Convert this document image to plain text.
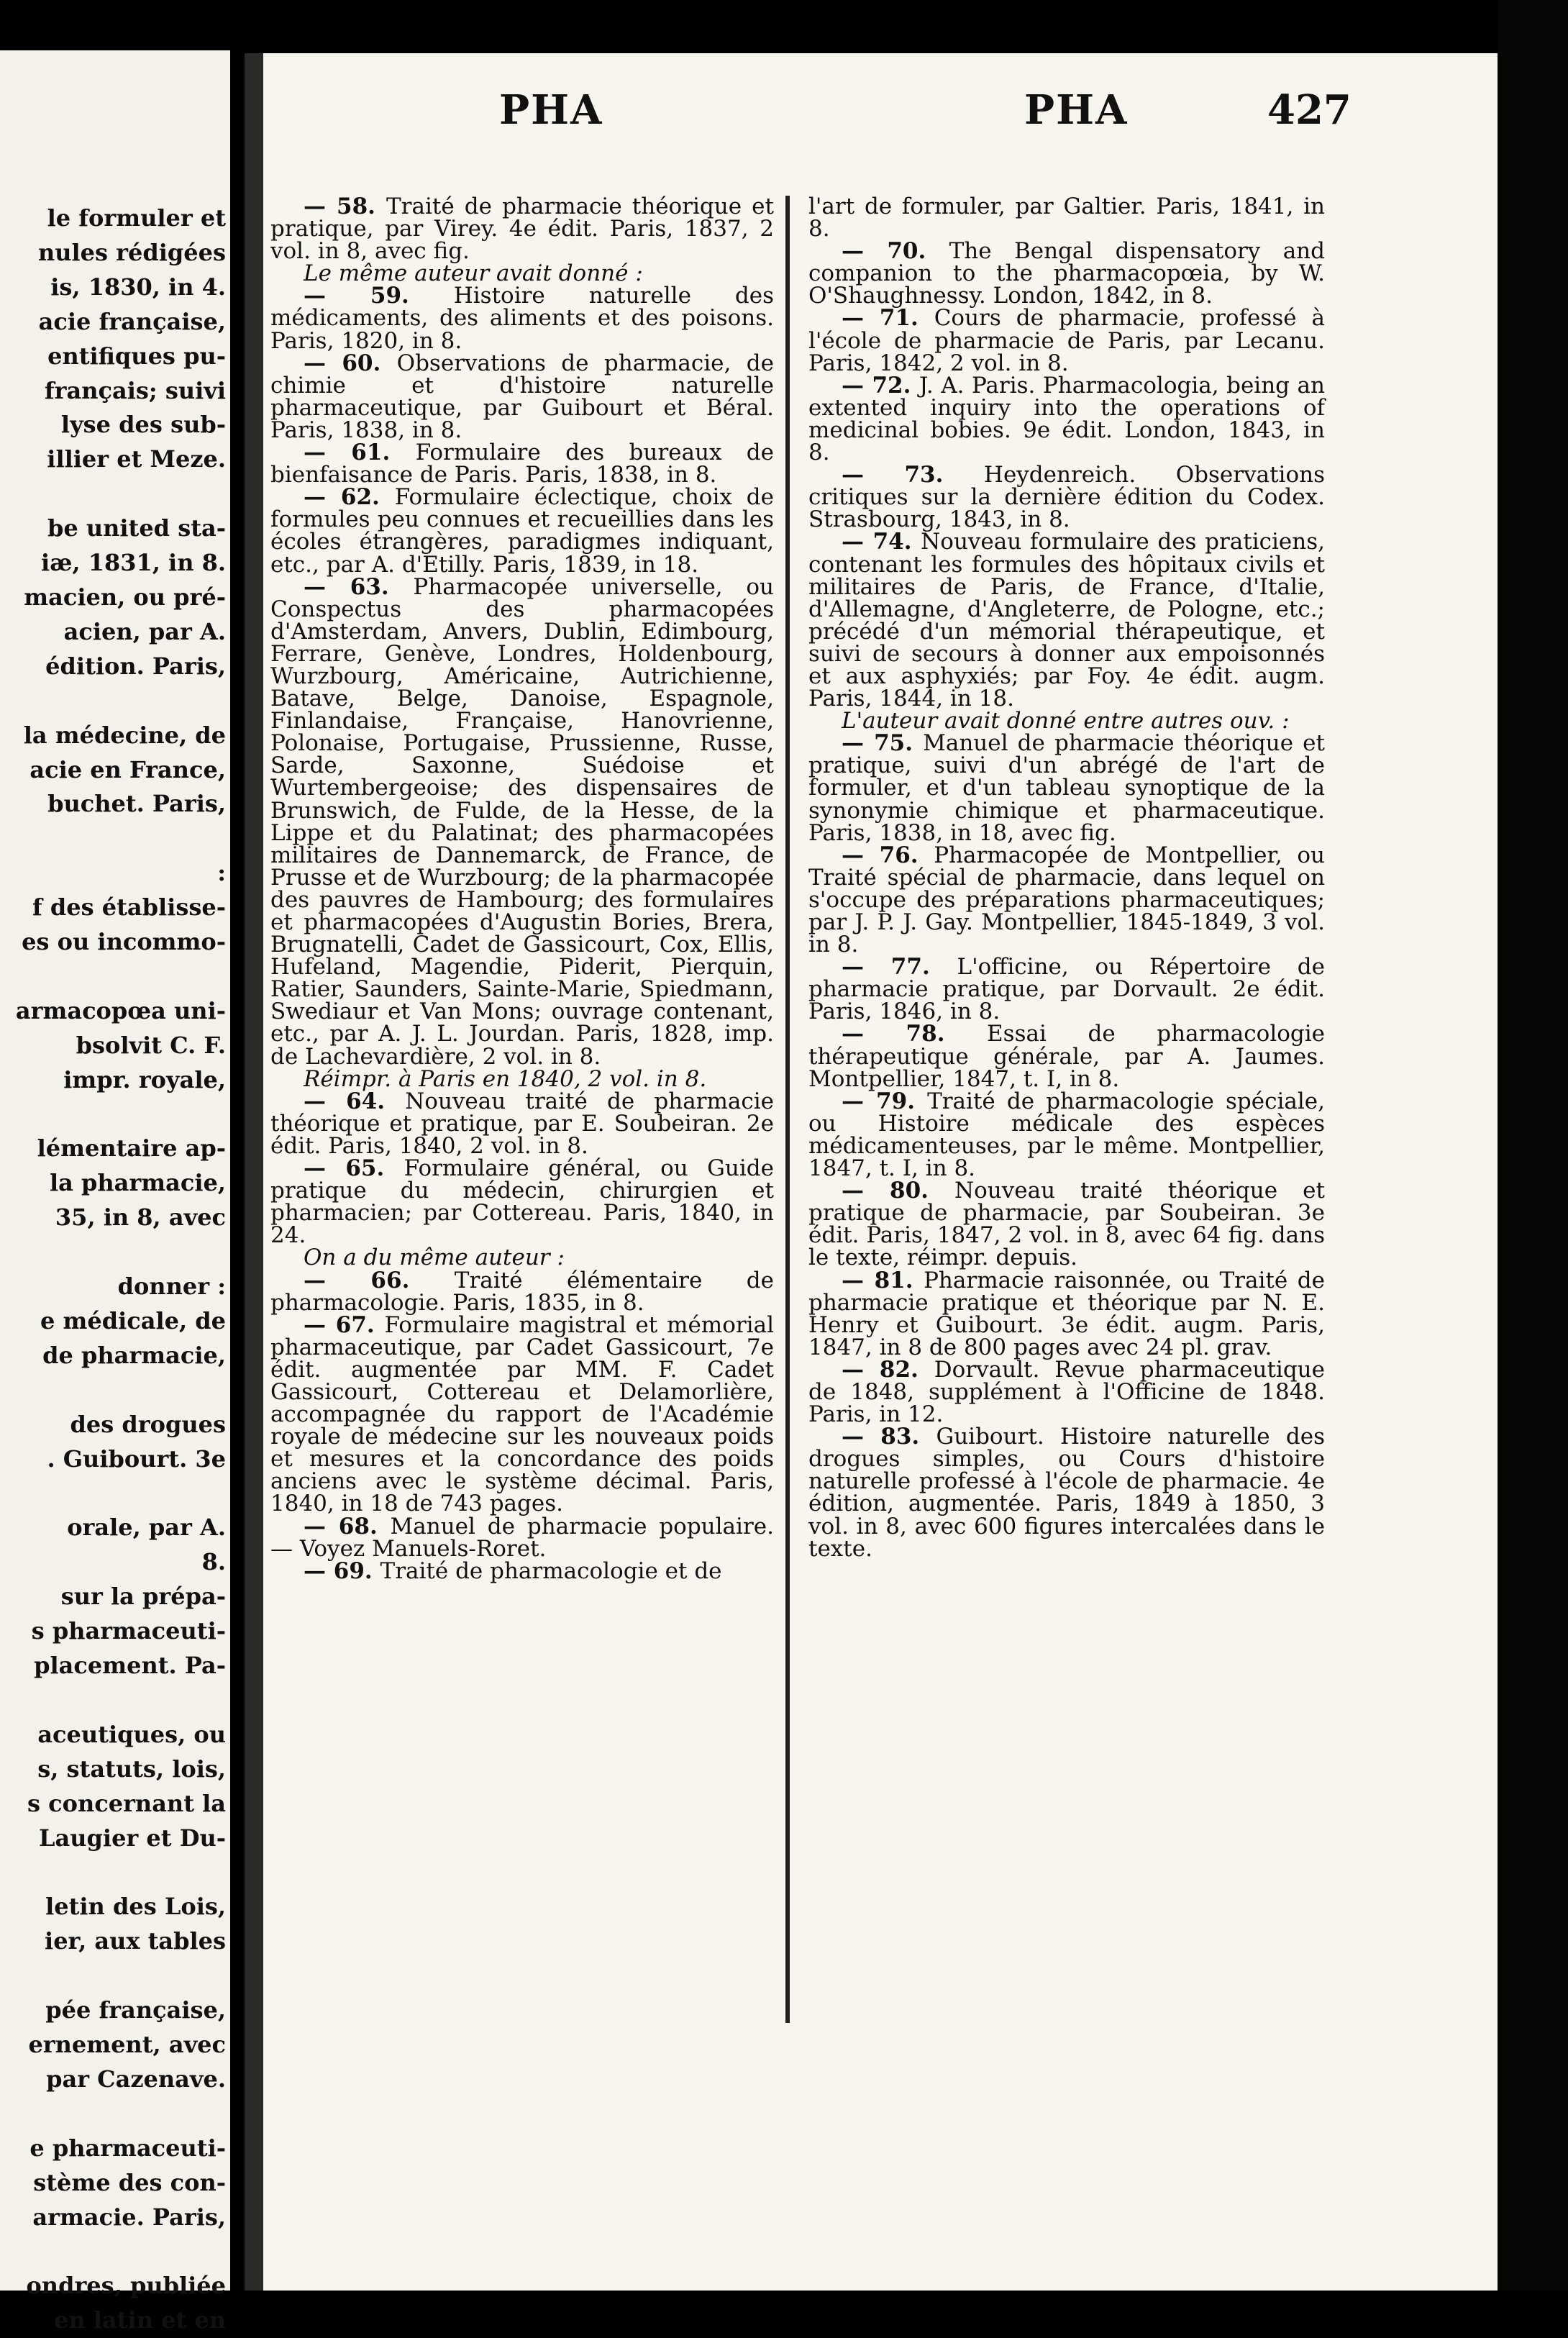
le formuler et
nules rédigées
is, 1830, in 4.
acie française,
entifiques pu-
français; suivi
lyse des sub-
illier et Meze.

be united sta-
iæ, 1831, in 8.
macien, ou pré-
acien, par A.
édition. Paris,

la médecine, de
acie en France,
buchet. Paris,

:
f des établisse-
es ou incommo-

armacopœa uni-
bsolvit C. F.
impr. royale,

lémentaire ap-
la pharmacie,
35, in 8, avec

donner :
e médicale, de
de pharmacie,

des drogues
. Guibourt. 3e

orale, par A.
8.
sur la prépa-
s pharmaceuti-
placement. Pa-

aceutiques, ou
s, statuts, lois,
s concernant la
Laugier et Du-

letin des Lois,
ier, aux tables

pée française,
ernement, avec
par Cazenave.

e pharmaceuti-
stème des con-
armacie. Paris,

ondres, publiée
en latin et en
PHA	PHA	427

— 58. Traité de pharmacie théorique et pratique, par Virey. 4e édit. Paris, 1837, 2 vol. in 8, avec fig.

Le même auteur avait donné :

— 59. Histoire naturelle des médicaments, des aliments et des poisons. Paris, 1820, in 8.

— 60. Observations de pharmacie, de chimie et d'histoire naturelle pharmaceutique, par Guibourt et Béral. Paris, 1838, in 8.

— 61. Formulaire des bureaux de bienfaisance de Paris. Paris, 1838, in 8.

— 62. Formulaire éclectique, choix de formules peu connues et recueillies dans les écoles étrangères, paradigmes indiquant, etc., par A. d'Etilly. Paris, 1839, in 18.

— 63. Pharmacopée universelle, ou Conspectus des pharmacopées d'Amsterdam, Anvers, Dublin, Edimbourg, Ferrare, Genève, Londres, Holdenbourg, Wurzbourg, Américaine, Autrichienne, Batave, Belge, Danoise, Espagnole, Finlandaise, Française, Hanovrienne, Polonaise, Portugaise, Prussienne, Russe, Sarde, Saxonne, Suédoise et Wurtembergeoise; des dispensaires de Brunswich, de Fulde, de la Hesse, de la Lippe et du Palatinat; des pharmacopées militaires de Dannemarck, de France, de Prusse et de Wurzbourg; de la pharmacopée des pauvres de Hambourg; des formulaires et pharmacopées d'Augustin Bories, Brera, Brugnatelli, Cadet de Gassicourt, Cox, Ellis, Hufeland, Magendie, Piderit, Pierquin, Ratier, Saunders, Sainte-Marie, Spiedmann, Swediaur et Van Mons; ouvrage contenant, etc., par A. J. L. Jourdan. Paris, 1828, imp. de Lachevardière, 2 vol. in 8.

Réimpr. à Paris en 1840, 2 vol. in 8.

— 64. Nouveau traité de pharmacie théorique et pratique, par E. Soubeiran. 2e édit. Paris, 1840, 2 vol. in 8.

— 65. Formulaire général, ou Guide pratique du médecin, chirurgien et pharmacien; par Cottereau. Paris, 1840, in 24.

On a du même auteur :

— 66. Traité élémentaire de pharmacologie. Paris, 1835, in 8.

— 67. Formulaire magistral et mémorial pharmaceutique, par Cadet Gassicourt, 7e édit. augmentée par MM. F. Cadet Gassicourt, Cottereau et Delamorlière, accompagnée du rapport de l'Académie royale de médecine sur les nouveaux poids et mesures et la concordance des poids anciens avec le système décimal. Paris, 1840, in 18 de 743 pages.

— 68. Manuel de pharmacie populaire. — Voyez Manuels-Roret.

— 69. Traité de pharmacologie et de

l'art de formuler, par Galtier. Paris, 1841, in 8.

— 70. The Bengal dispensatory and companion to the pharmacopœia, by W. O'Shaughnessy. London, 1842, in 8.

— 71. Cours de pharmacie, professé à l'école de pharmacie de Paris, par Lecanu. Paris, 1842, 2 vol. in 8.

— 72. J. A. Paris. Pharmacologia, being an extented inquiry into the operations of medicinal bobies. 9e édit. London, 1843, in 8.

— 73. Heydenreich. Observations critiques sur la dernière édition du Codex. Strasbourg, 1843, in 8.

— 74. Nouveau formulaire des praticiens, contenant les formules des hôpitaux civils et militaires de Paris, de France, d'Italie, d'Allemagne, d'Angleterre, de Pologne, etc.; précédé d'un mémorial thérapeutique, et suivi de secours à donner aux empoisonnés et aux asphyxiés; par Foy. 4e édit. augm. Paris, 1844, in 18.

L'auteur avait donné entre autres ouv. :

— 75. Manuel de pharmacie théorique et pratique, suivi d'un abrégé de l'art de formuler, et d'un tableau synoptique de la synonymie chimique et pharmaceutique. Paris, 1838, in 18, avec fig.

— 76. Pharmacopée de Montpellier, ou Traité spécial de pharmacie, dans lequel on s'occupe des préparations pharmaceutiques; par J. P. J. Gay. Montpellier, 1845-1849, 3 vol. in 8.

— 77. L'officine, ou Répertoire de pharmacie pratique, par Dorvault. 2e édit. Paris, 1846, in 8.

— 78. Essai de pharmacologie thérapeutique générale, par A. Jaumes. Montpellier, 1847, t. I, in 8.

— 79. Traité de pharmacologie spéciale, ou Histoire médicale des espèces médicamenteuses, par le même. Montpellier, 1847, t. I, in 8.

— 80. Nouveau traité théorique et pratique de pharmacie, par Soubeiran. 3e édit. Paris, 1847, 2 vol. in 8, avec 64 fig. dans le texte, réimpr. depuis.

— 81. Pharmacie raisonnée, ou Traité de pharmacie pratique et théorique par N. E. Henry et Guibourt. 3e édit. augm. Paris, 1847, in 8 de 800 pages avec 24 pl. grav.

— 82. Dorvault. Revue pharmaceutique de 1848, supplément à l'Officine de 1848. Paris, in 12.

— 83. Guibourt. Histoire naturelle des drogues simples, ou Cours d'histoire naturelle professé à l'école de pharmacie. 4e édition, augmentée. Paris, 1849 à 1850, 3 vol. in 8, avec 600 figures intercalées dans le texte.
